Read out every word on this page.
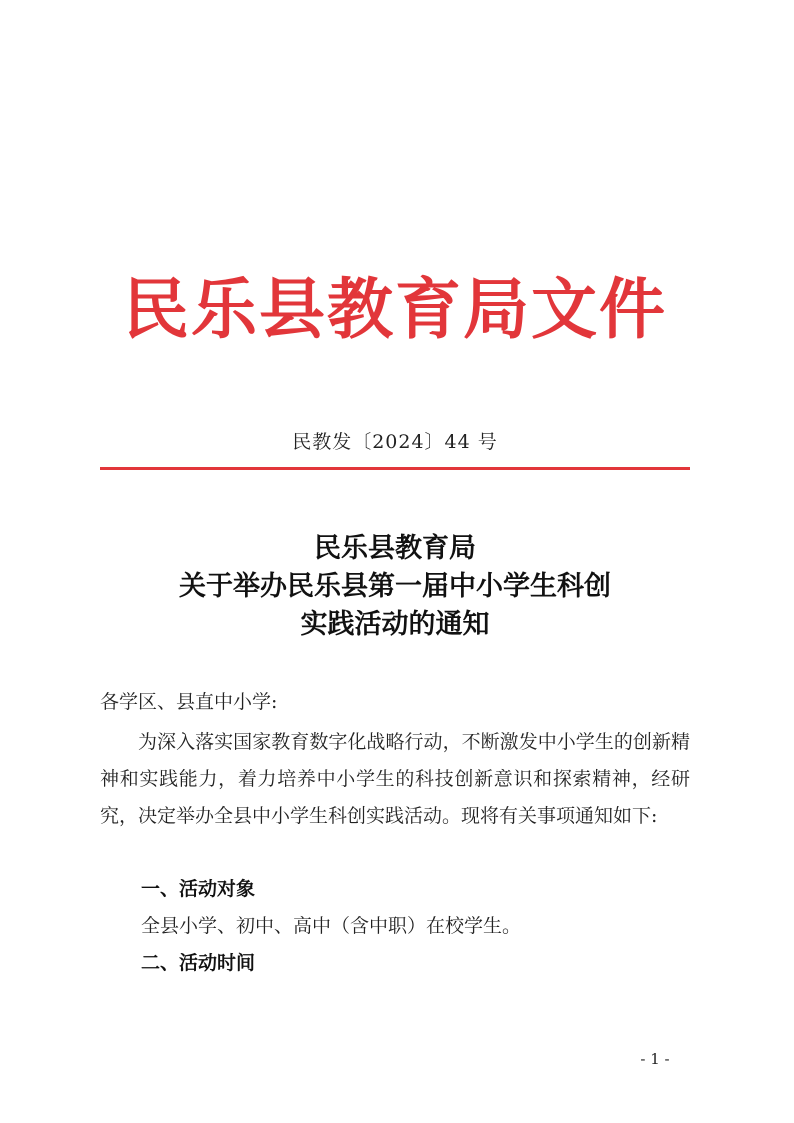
民乐县教育局文件
民教发〔2024〕44 号
民乐县教育局
关于举办民乐县第一届中小学生科创
实践活动的通知
各学区、县直中小学:

为深入落实国家教育数字化战略行动，不断激发中小学生的创新精神和实践能力，着力培养中小学生的科技创新意识和探索精神，经研究，决定举办全县中小学生科创实践活动。现将有关事项通知如下:

一、活动对象
全县小学、初中、高中（含中职）在校学生。
二、活动时间
- 1 -
